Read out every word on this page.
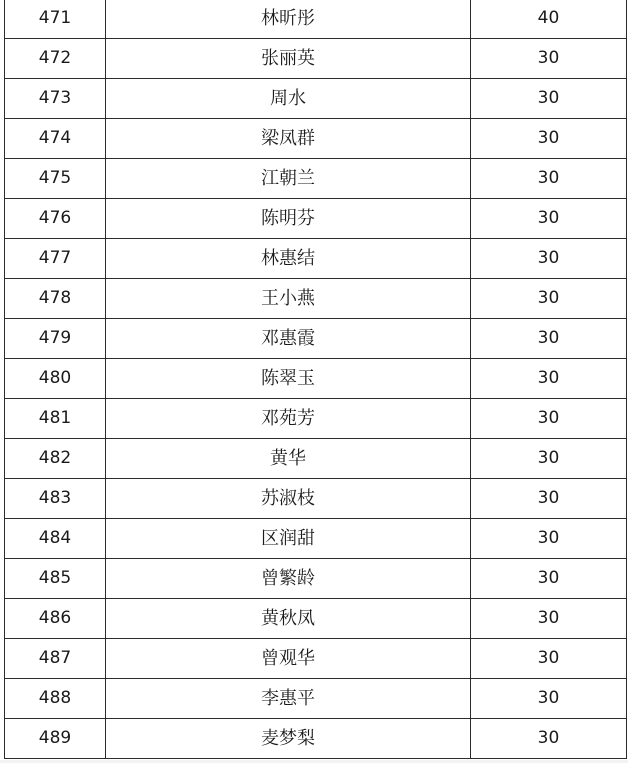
471	林昕彤	40
472	张丽英	30
473	周水	30
474	梁凤群	30
475	江朝兰	30
476	陈明芬	30
477	林惠结	30
478	王小燕	30
479	邓惠霞	30
480	陈翠玉	30
481	邓苑芳	30
482	黄华	30
483	苏淑枝	30
484	区润甜	30
485	曾繁龄	30
486	黄秋凤	30
487	曾观华	30
488	李惠平	30
489	麦梦梨	30
